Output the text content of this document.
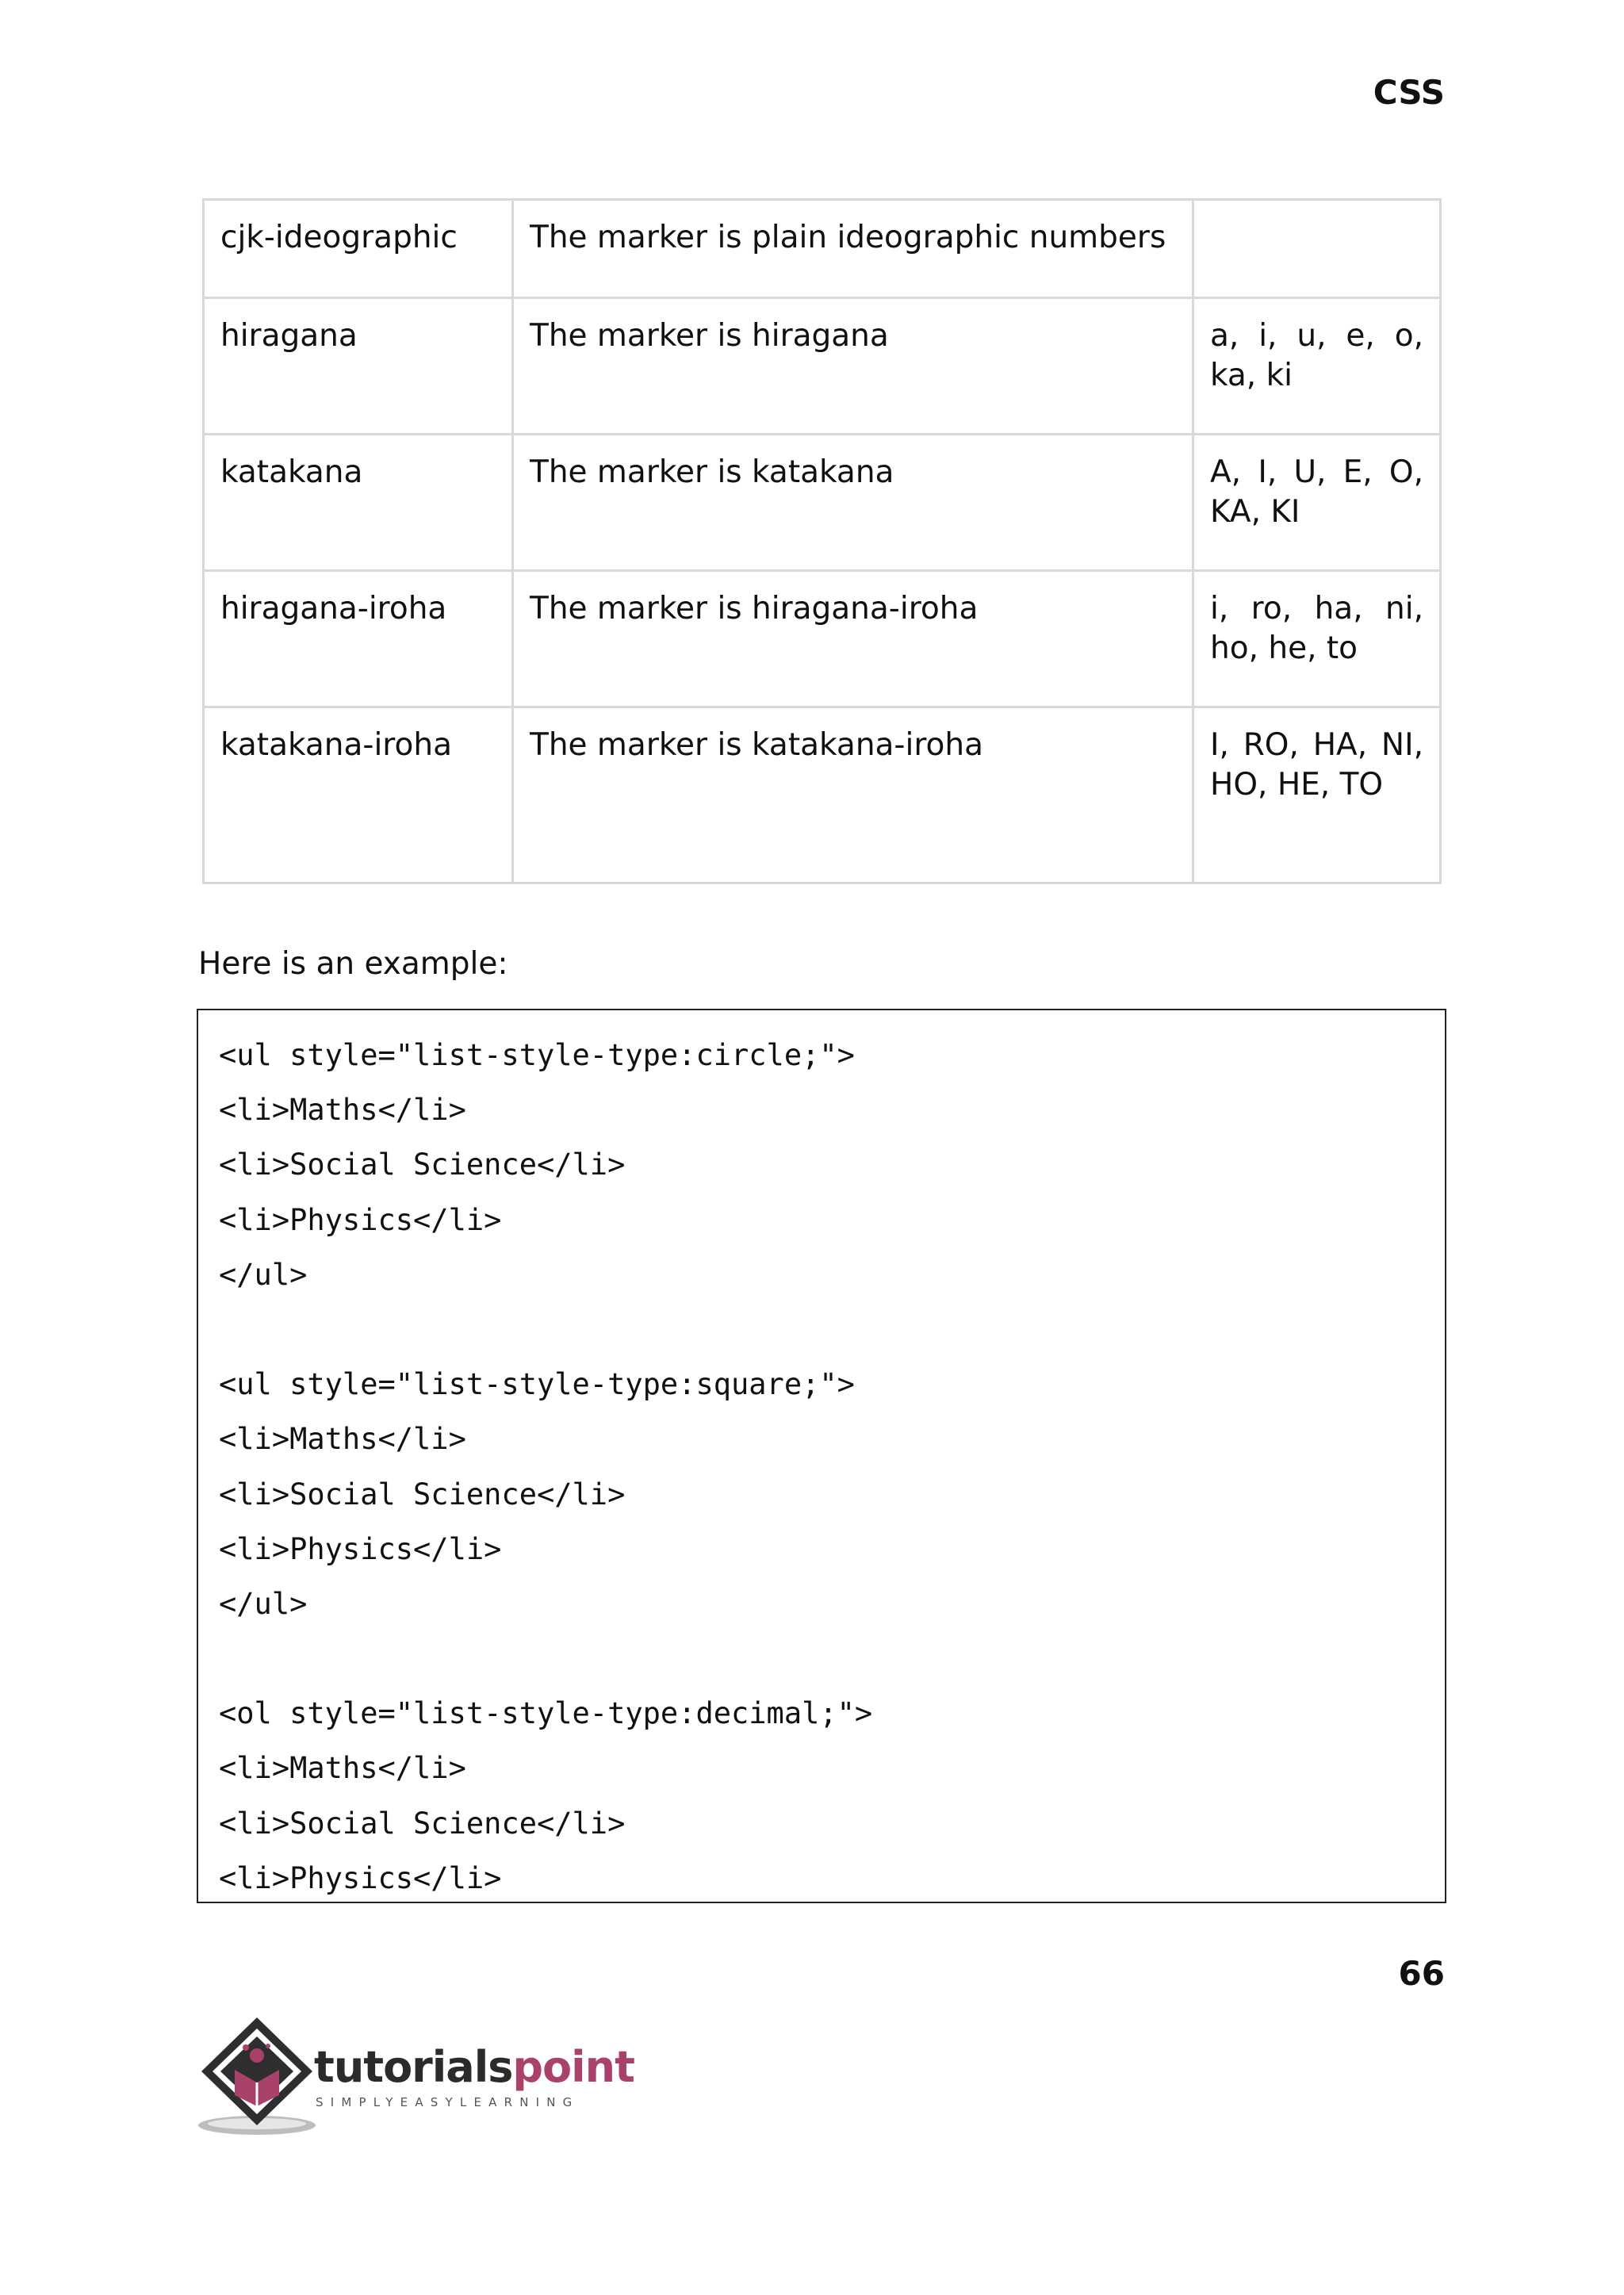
CSS
cjk-ideographic	The marker is plain ideographic numbers	
hiragana	The marker is hiragana	a, i, u, e, o, ka, ki
katakana	The marker is katakana	A, I, U, E, O, KA, KI
hiragana-iroha	The marker is hiragana-iroha	i, ro, ha, ni, ho, he, to
katakana-iroha	The marker is katakana-iroha	I, RO, HA, NI, HO, HE, TO
Here is an example:
<ul style="list-style-type:circle;">
<li>Maths</li>
<li>Social Science</li>
<li>Physics</li>
</ul>
<ul style="list-style-type:square;">
<li>Maths</li>
<li>Social Science</li>
<li>Physics</li>
</ul>
<ol style="list-style-type:decimal;">
<li>Maths</li>
<li>Social Science</li>
<li>Physics</li>
66
tutorialspoint
SIMPLYEASYLEARNING
